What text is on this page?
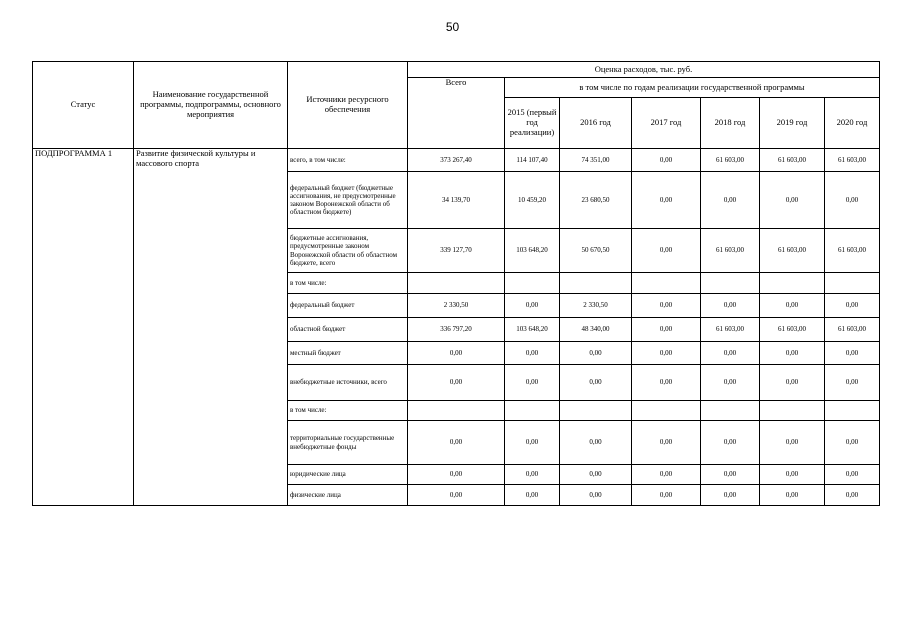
50
Статус	Наименование государственной программы, подпрограммы, основного мероприятия	Источники ресурсного обеспечения	Оценка расходов, тыс. руб.						
			Всего	в том числе по годам реализации государственной программы					
				2015 (первый год реализации)	2016 год	2017 год	2018 год	2019 год	2020 год
ПОДПРОГРАММА 1	Развитие физической культуры и массового спорта	всего, в том числе:	373 267,40	114 107,40	74 351,00	0,00	61 603,00	61 603,00	61 603,00
		федеральный бюджет (бюджетные ассигнования, не предусмотренные законом Воронежской области об областном бюджете)	34 139,70	10 459,20	23 680,50	0,00	0,00	0,00	0,00
		бюджетные ассигнования, предусмотренные законом Воронежской области об областном бюджете, всего	339 127,70	103 648,20	50 670,50	0,00	61 603,00	61 603,00	61 603,00
		в том числе:							
		федеральный бюджет	2 330,50	0,00	2 330,50	0,00	0,00	0,00	0,00
		областной бюджет	336 797,20	103 648,20	48 340,00	0,00	61 603,00	61 603,00	61 603,00
		местный бюджет	0,00	0,00	0,00	0,00	0,00	0,00	0,00
		внебюджетные источники, всего	0,00	0,00	0,00	0,00	0,00	0,00	0,00
		в том числе:							
		территориальные государственные внебюджетные фонды	0,00	0,00	0,00	0,00	0,00	0,00	0,00
		юридические лица	0,00	0,00	0,00	0,00	0,00	0,00	0,00
		физические лица	0,00	0,00	0,00	0,00	0,00	0,00	0,00
